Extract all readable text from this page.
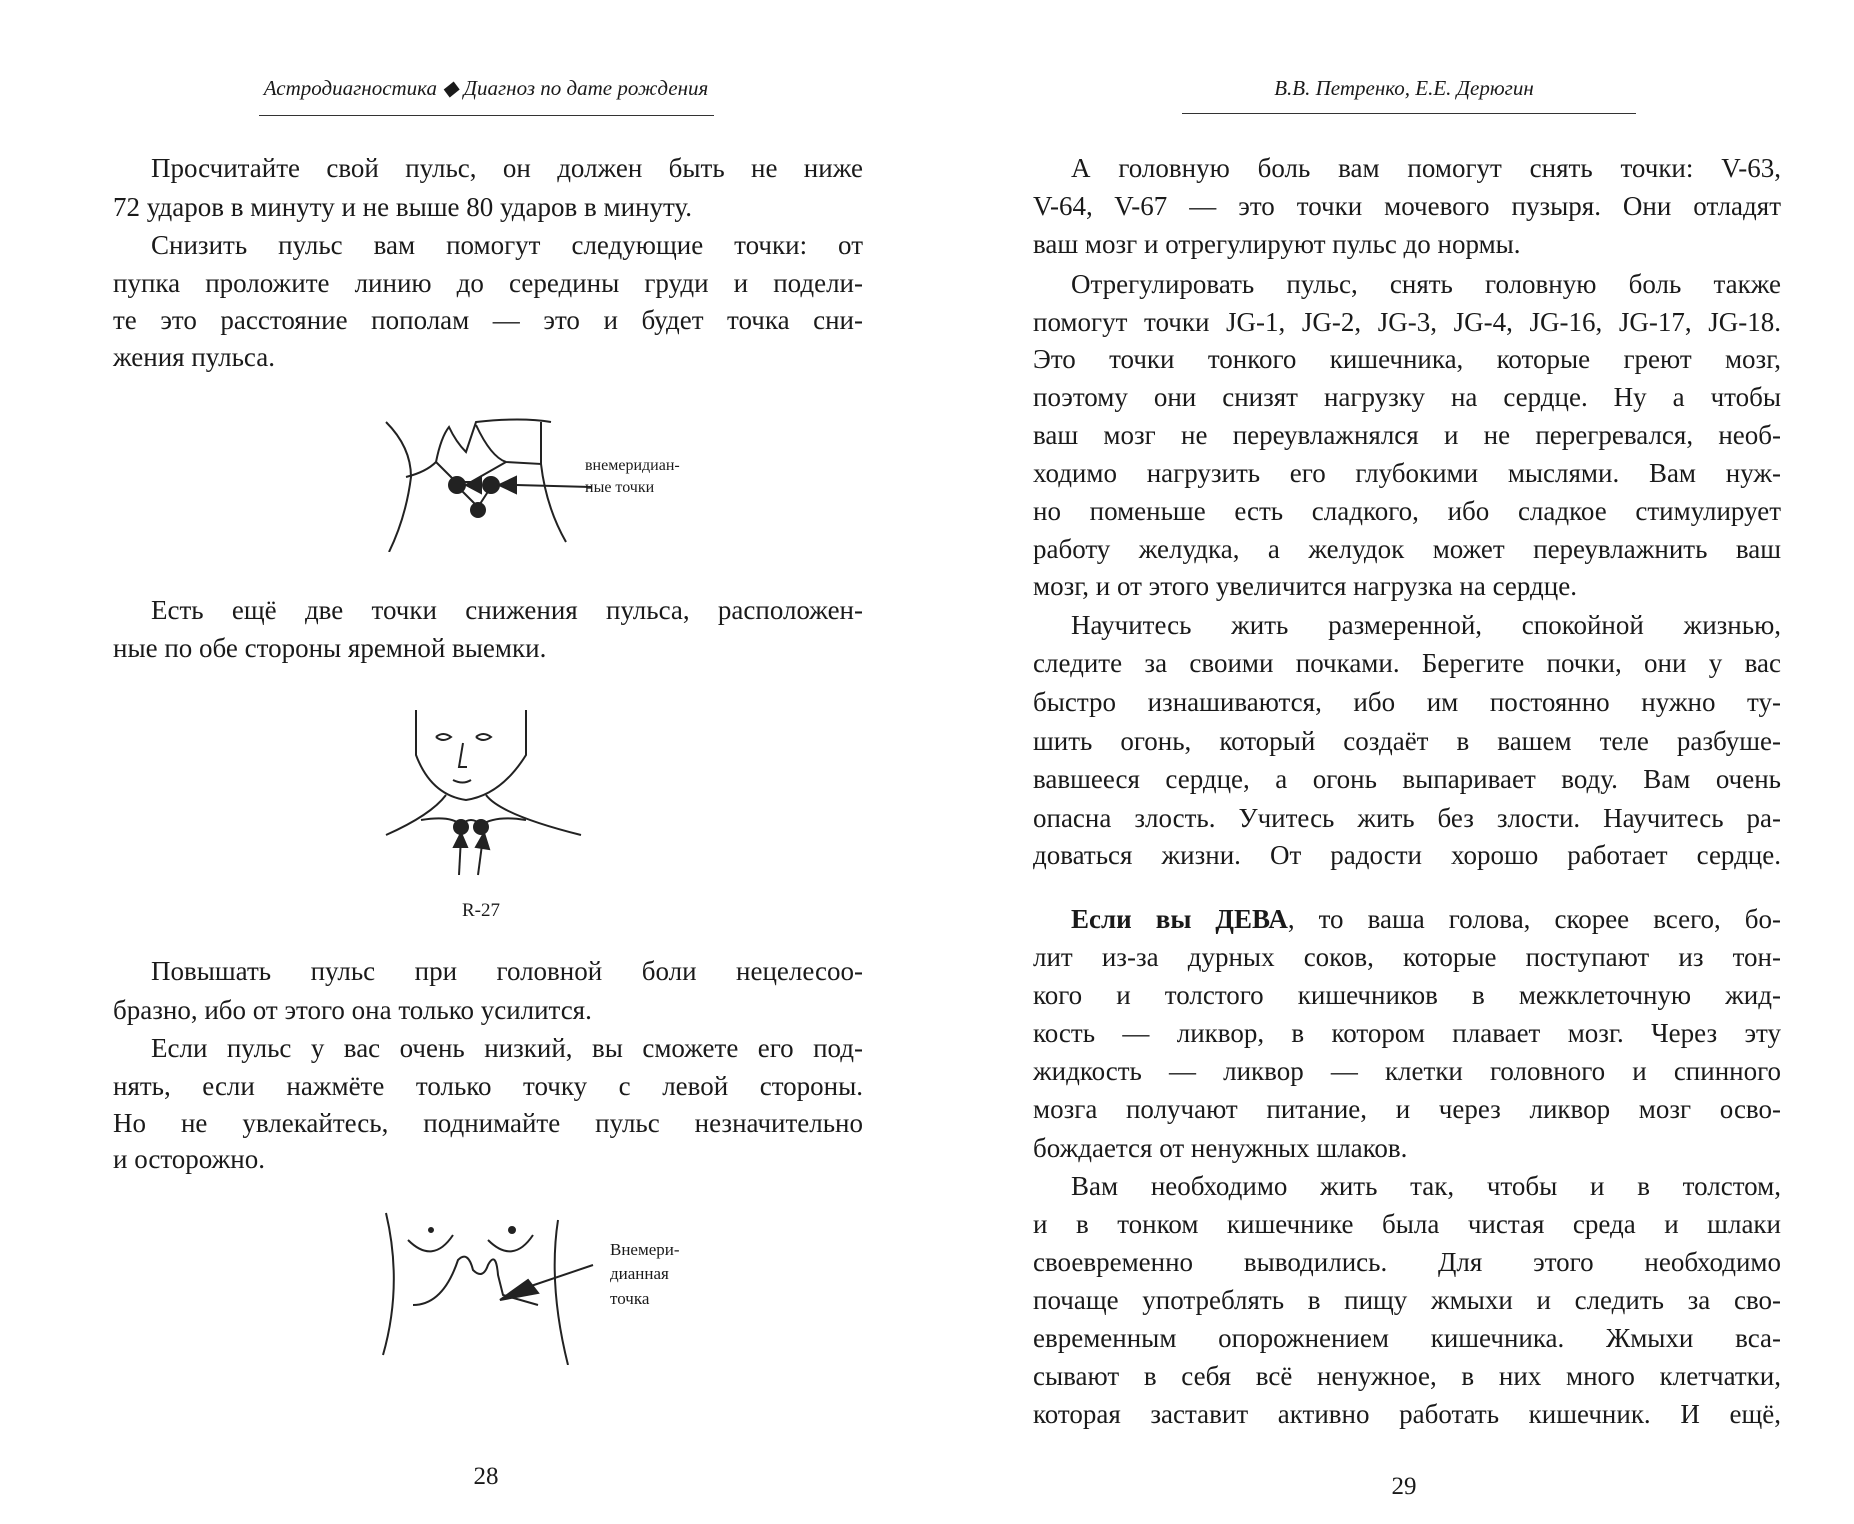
Астродиагностика ◆ Диагноз по дате рождения
28
внемеридиан-
ные точки
R-27
Внемери-
дианная
точка
Просчитайте свой пульс, он должен быть не ниже
72 ударов в минуту и не выше 80 ударов в минуту.
Снизить пульс вам помогут следующие точки: от
пупка проложите линию до середины груди и подели-
те это расстояние пополам — это и будет точка сни-
жения пульса.
Есть ещё две точки снижения пульса, расположен-
ные по обе стороны яремной выемки.
Повышать пульс при головной боли нецелесоо-
бразно, ибо от этого она только усилится.
Если пульс у вас очень низкий, вы сможете его под-
нять, если нажмёте только точку с левой стороны.
Но не увлекайтесь, поднимайте пульс незначительно
и осторожно.
В.В. Петренко, Е.Е. Дерюгин
29
А головную боль вам помогут снять точки: V-63,
V-64, V-67 — это точки мочевого пузыря. Они отладят
ваш мозг и отрегулируют пульс до нормы.
Отрегулировать пульс, снять головную боль также
помогут точки JG-1, JG-2, JG-3, JG-4, JG-16, JG-17, JG-18.
Это точки тонкого кишечника, которые греют мозг,
поэтому они снизят нагрузку на сердце. Ну а чтобы
ваш мозг не переувлажнялся и не перегревался, необ-
ходимо нагрузить его глубокими мыслями. Вам нуж-
но поменьше есть сладкого, ибо сладкое стимулирует
работу желудка, а желудок может переувлажнить ваш
мозг, и от этого увеличится нагрузка на сердце.
Научитесь жить размеренной, спокойной жизнью,
следите за своими почками. Берегите почки, они у вас
быстро изнашиваются, ибо им постоянно нужно ту-
шить огонь, который создаёт в вашем теле разбуше-
вавшееся сердце, а огонь выпаривает воду. Вам очень
опасна злость. Учитесь жить без злости. Научитесь ра-
доваться жизни. От радости хорошо работает сердце.
Если вы ДЕВА, то ваша голова, скорее всего, бо-
лит из-за дурных соков, которые поступают из тон-
кого и толстого кишечников в межклеточную жид-
кость — ликвор, в котором плавает мозг. Через эту
жидкость — ликвор — клетки головного и спинного
мозга получают питание, и через ликвор мозг осво-
бождается от ненужных шлаков.
Вам необходимо жить так, чтобы и в толстом,
и в тонком кишечнике была чистая среда и шлаки
своевременно выводились. Для этого необходимо
почаще употреблять в пищу жмыхи и следить за сво-
евременным опорожнением кишечника. Жмыхи вса-
сывают в себя всё ненужное, в них много клетчатки,
которая заставит активно работать кишечник. И ещё,
